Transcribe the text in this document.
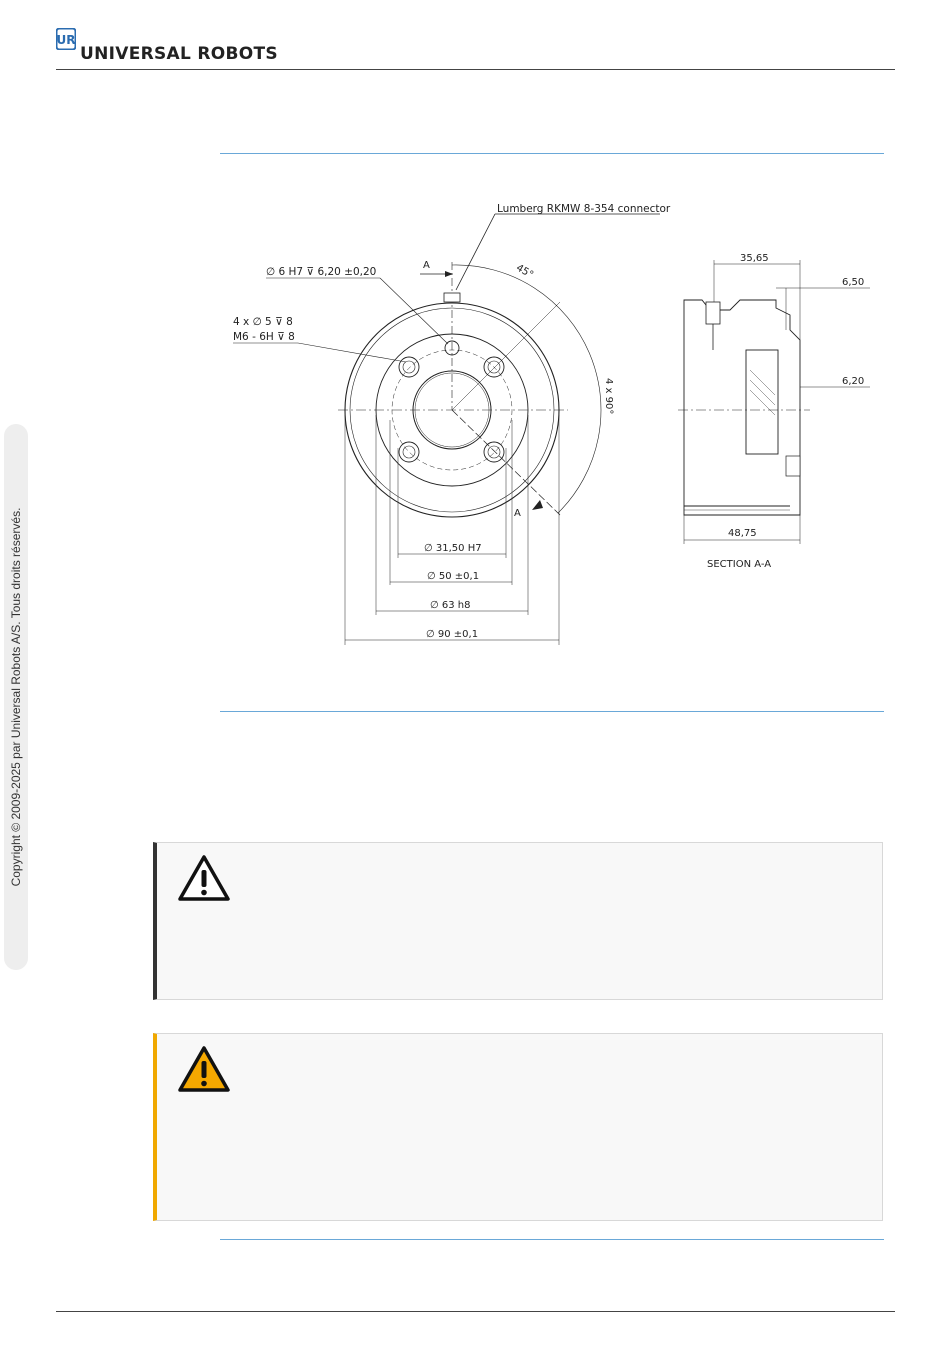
UR
UNIVERSAL ROBOTS
Copyright © 2009-2025 par Universal Robots A/S. Tous droits réservés.
Lumberg RKMW 8-354 connector
∅ 6 H7 ⊽ 6,20 ±0,20
4 x ∅ 5 ⊽ 8
M6 - 6H ⊽ 8
A	45°
4 x 90°
A
∅ 31,50 H7
∅ 50 ±0,1
∅ 63 h8
∅ 90 ±0,1
35,65
6,50
6,20
48,75
SECTION A-A
